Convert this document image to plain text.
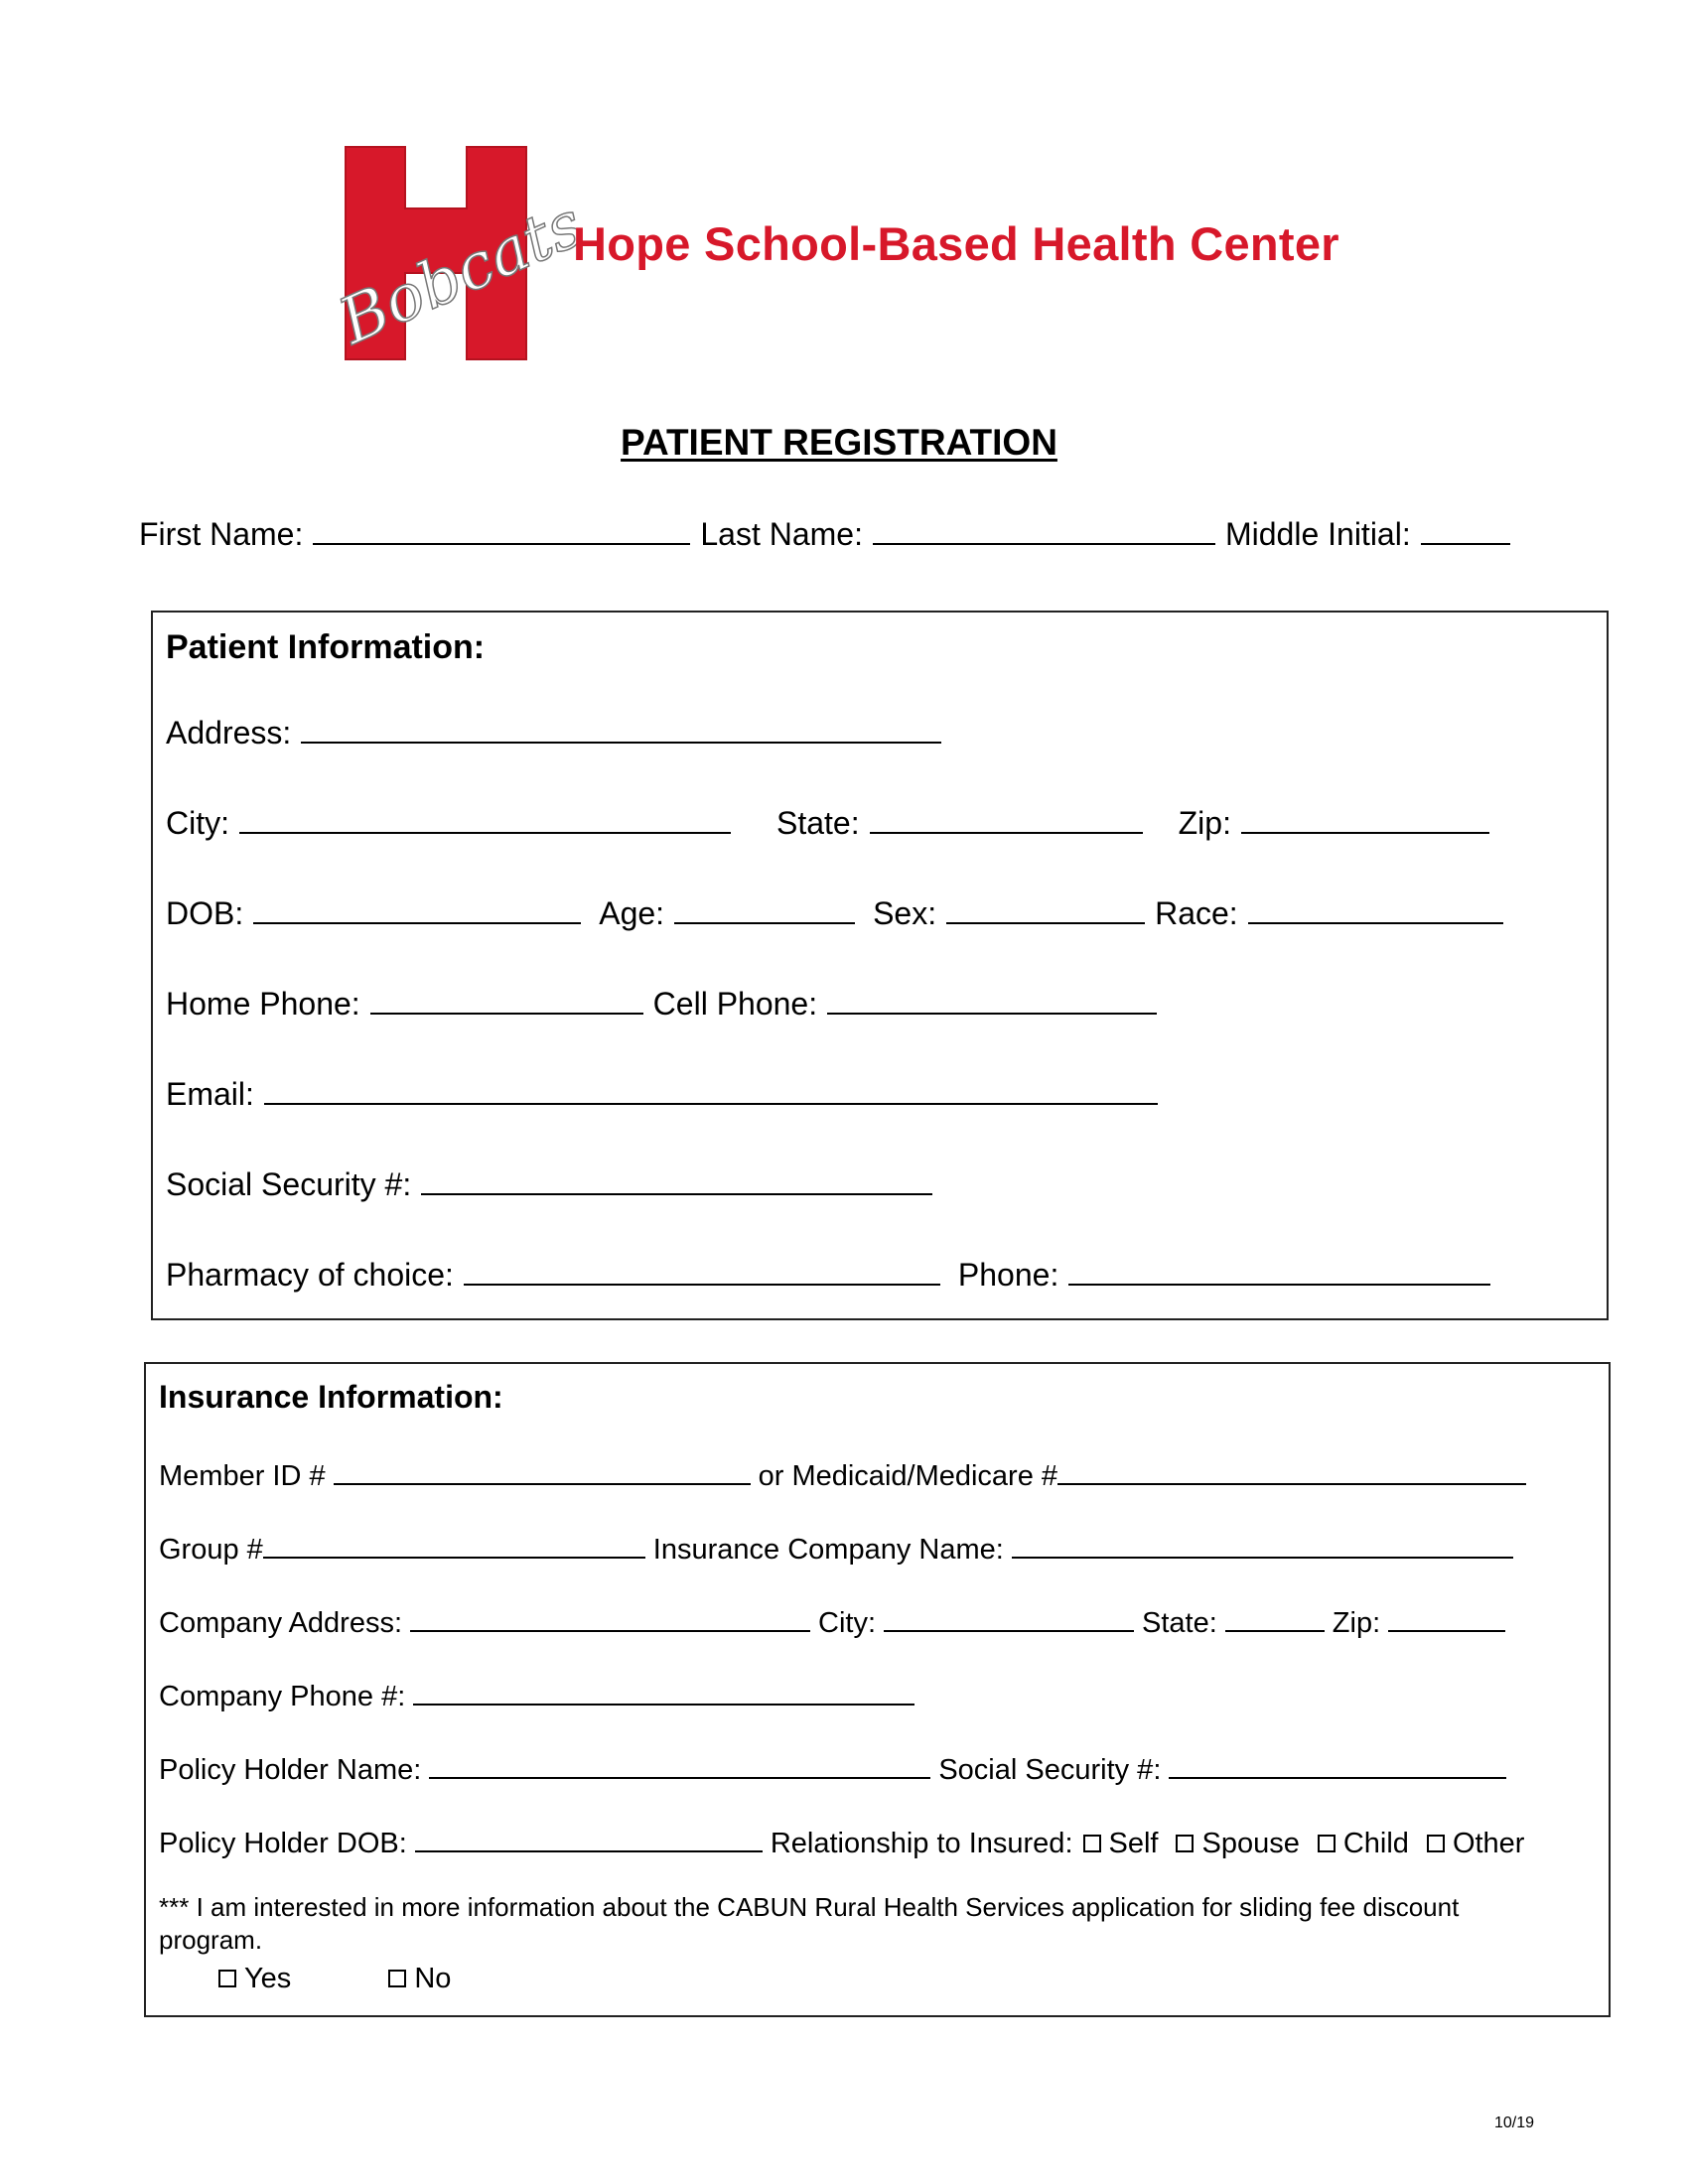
Bobcats
Hope School-Based Health Center
PATIENT REGISTRATION
First Name:	Last Name:	Middle Initial:
Patient Information:
Address:
City:	State:	Zip:
DOB:	Age:	Sex:	Race:
Home Phone:	Cell Phone:
Email:
Social Security #:
Pharmacy of choice:	Phone:
Insurance Information:
Member ID #	or Medicaid/Medicare #
Group #	Insurance Company Name:
Company Address:	City:	State:	Zip:
Company Phone #:
Policy Holder Name:	Social Security #:
Policy Holder DOB:	Relationship to Insured: Self Spouse Child Other
*** I am interested in more information about the CABUN Rural Health Services application for sliding fee discount program.
Yes	No
10/19
